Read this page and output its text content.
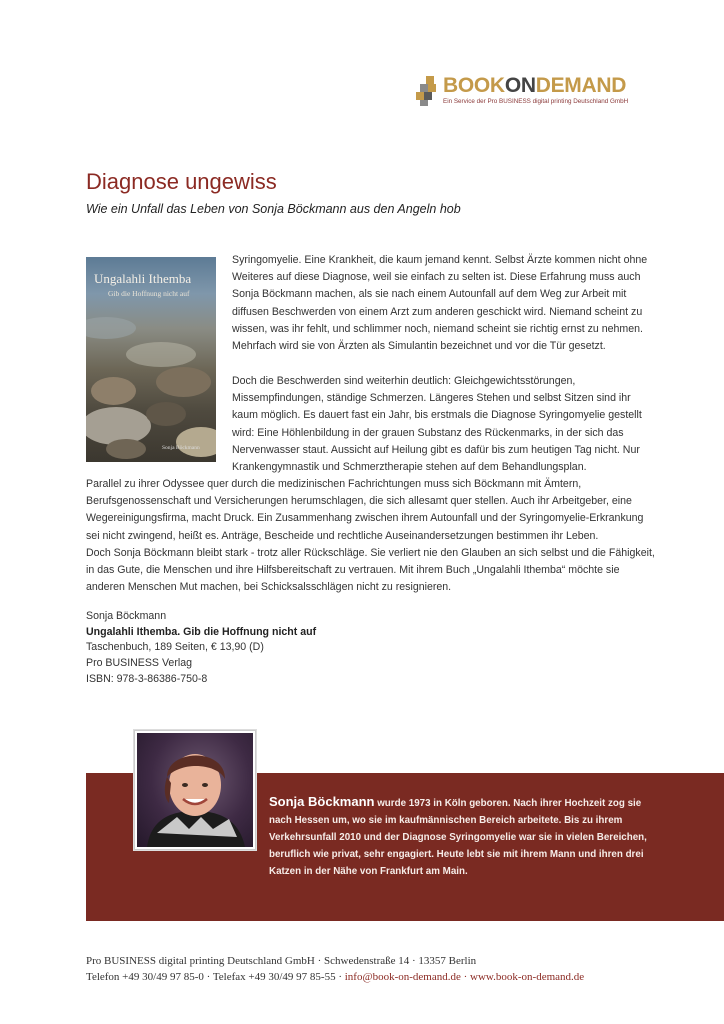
BOOKONDEMAND
Ein Service der Pro BUSINESS digital printing Deutschland GmbH
Diagnose ungewiss

Wie ein Unfall das Leben von Sonja Böckmann aus den Angeln hob

Ungalahli Ithemba
Gib die Hoffnung nicht auf
Sonja Böckmann

Syringomyelie. Eine Krankheit, die kaum jemand kennt. Selbst Ärzte kommen nicht ohne Weiteres auf diese Diagnose, weil sie einfach zu selten ist. Diese Erfahrung muss auch Sonja Böckmann machen, als sie nach einem Autounfall auf dem Weg zur Arbeit mit diffusen Beschwerden von einem Arzt zum anderen geschickt wird. Niemand scheint zu wissen, was ihr fehlt, und schlimmer noch, niemand scheint sie richtig ernst zu nehmen. Mehrfach wird sie von Ärzten als Simulantin bezeichnet und vor die Tür gesetzt.

Doch die Beschwerden sind weiterhin deutlich: Gleichgewichtsstörungen, Missempfindungen, ständige Schmerzen. Längeres Stehen und selbst Sitzen sind ihr kaum möglich. Es dauert fast ein Jahr, bis erstmals die Diagnose Syringomyelie gestellt wird: Eine Höhlenbildung in der grauen Substanz des Rückenmarks, in der sich das Nervenwasser staut. Aussicht auf Heilung gibt es dafür bis zum heutigen Tag nicht. Nur Krankengymnastik und Schmerztherapie stehen auf dem Behandlungsplan.

Parallel zu ihrer Odyssee quer durch die medizinischen Fachrichtungen muss sich Böckmann mit Ämtern, Berufsgenossenschaft und Versicherungen herumschlagen, die sich allesamt quer stellen. Auch ihr Arbeitgeber, eine Wegereinigungsfirma, macht Druck. Ein Zusammenhang zwischen ihrem Autounfall und der Syringomyelie-Erkrankung sei nicht zwingend, heißt es. Anträge, Bescheide und rechtliche Auseinandersetzungen bestimmen ihr Leben.

Doch Sonja Böckmann bleibt stark - trotz aller Rückschläge. Sie verliert nie den Glauben an sich selbst und die Fähigkeit, in das Gute, die Menschen und ihre Hilfsbereitschaft zu vertrauen. Mit ihrem Buch „Ungalahli Ithemba“ möchte sie anderen Menschen Mut machen, bei Schicksalsschlägen nicht zu resignieren.

Sonja Böckmann
Ungalahli Ithemba. Gib die Hoffnung nicht auf
Taschenbuch, 189 Seiten, € 13,90 (D)
Pro BUSINESS Verlag
ISBN: 978-3-86386-750-8

Sonja Böckmann wurde 1973 in Köln geboren. Nach ihrer Hochzeit zog sie nach Hessen um, wo sie im kaufmännischen Bereich arbeitete. Bis zu ihrem Verkehrsunfall 2010 und der Diagnose Syringomyelie war sie in vielen Bereichen, beruflich wie privat, sehr engagiert. Heute lebt sie mit ihrem Mann und ihren drei Katzen in der Nähe von Frankfurt am Main.

Pro BUSINESS digital printing Deutschland GmbH · Schwedenstraße 14 · 13357 Berlin
Telefon +49 30/49 97 85-0 · Telefax +49 30/49 97 85-55 · info@book-on-demand.de · www.book-on-demand.de
